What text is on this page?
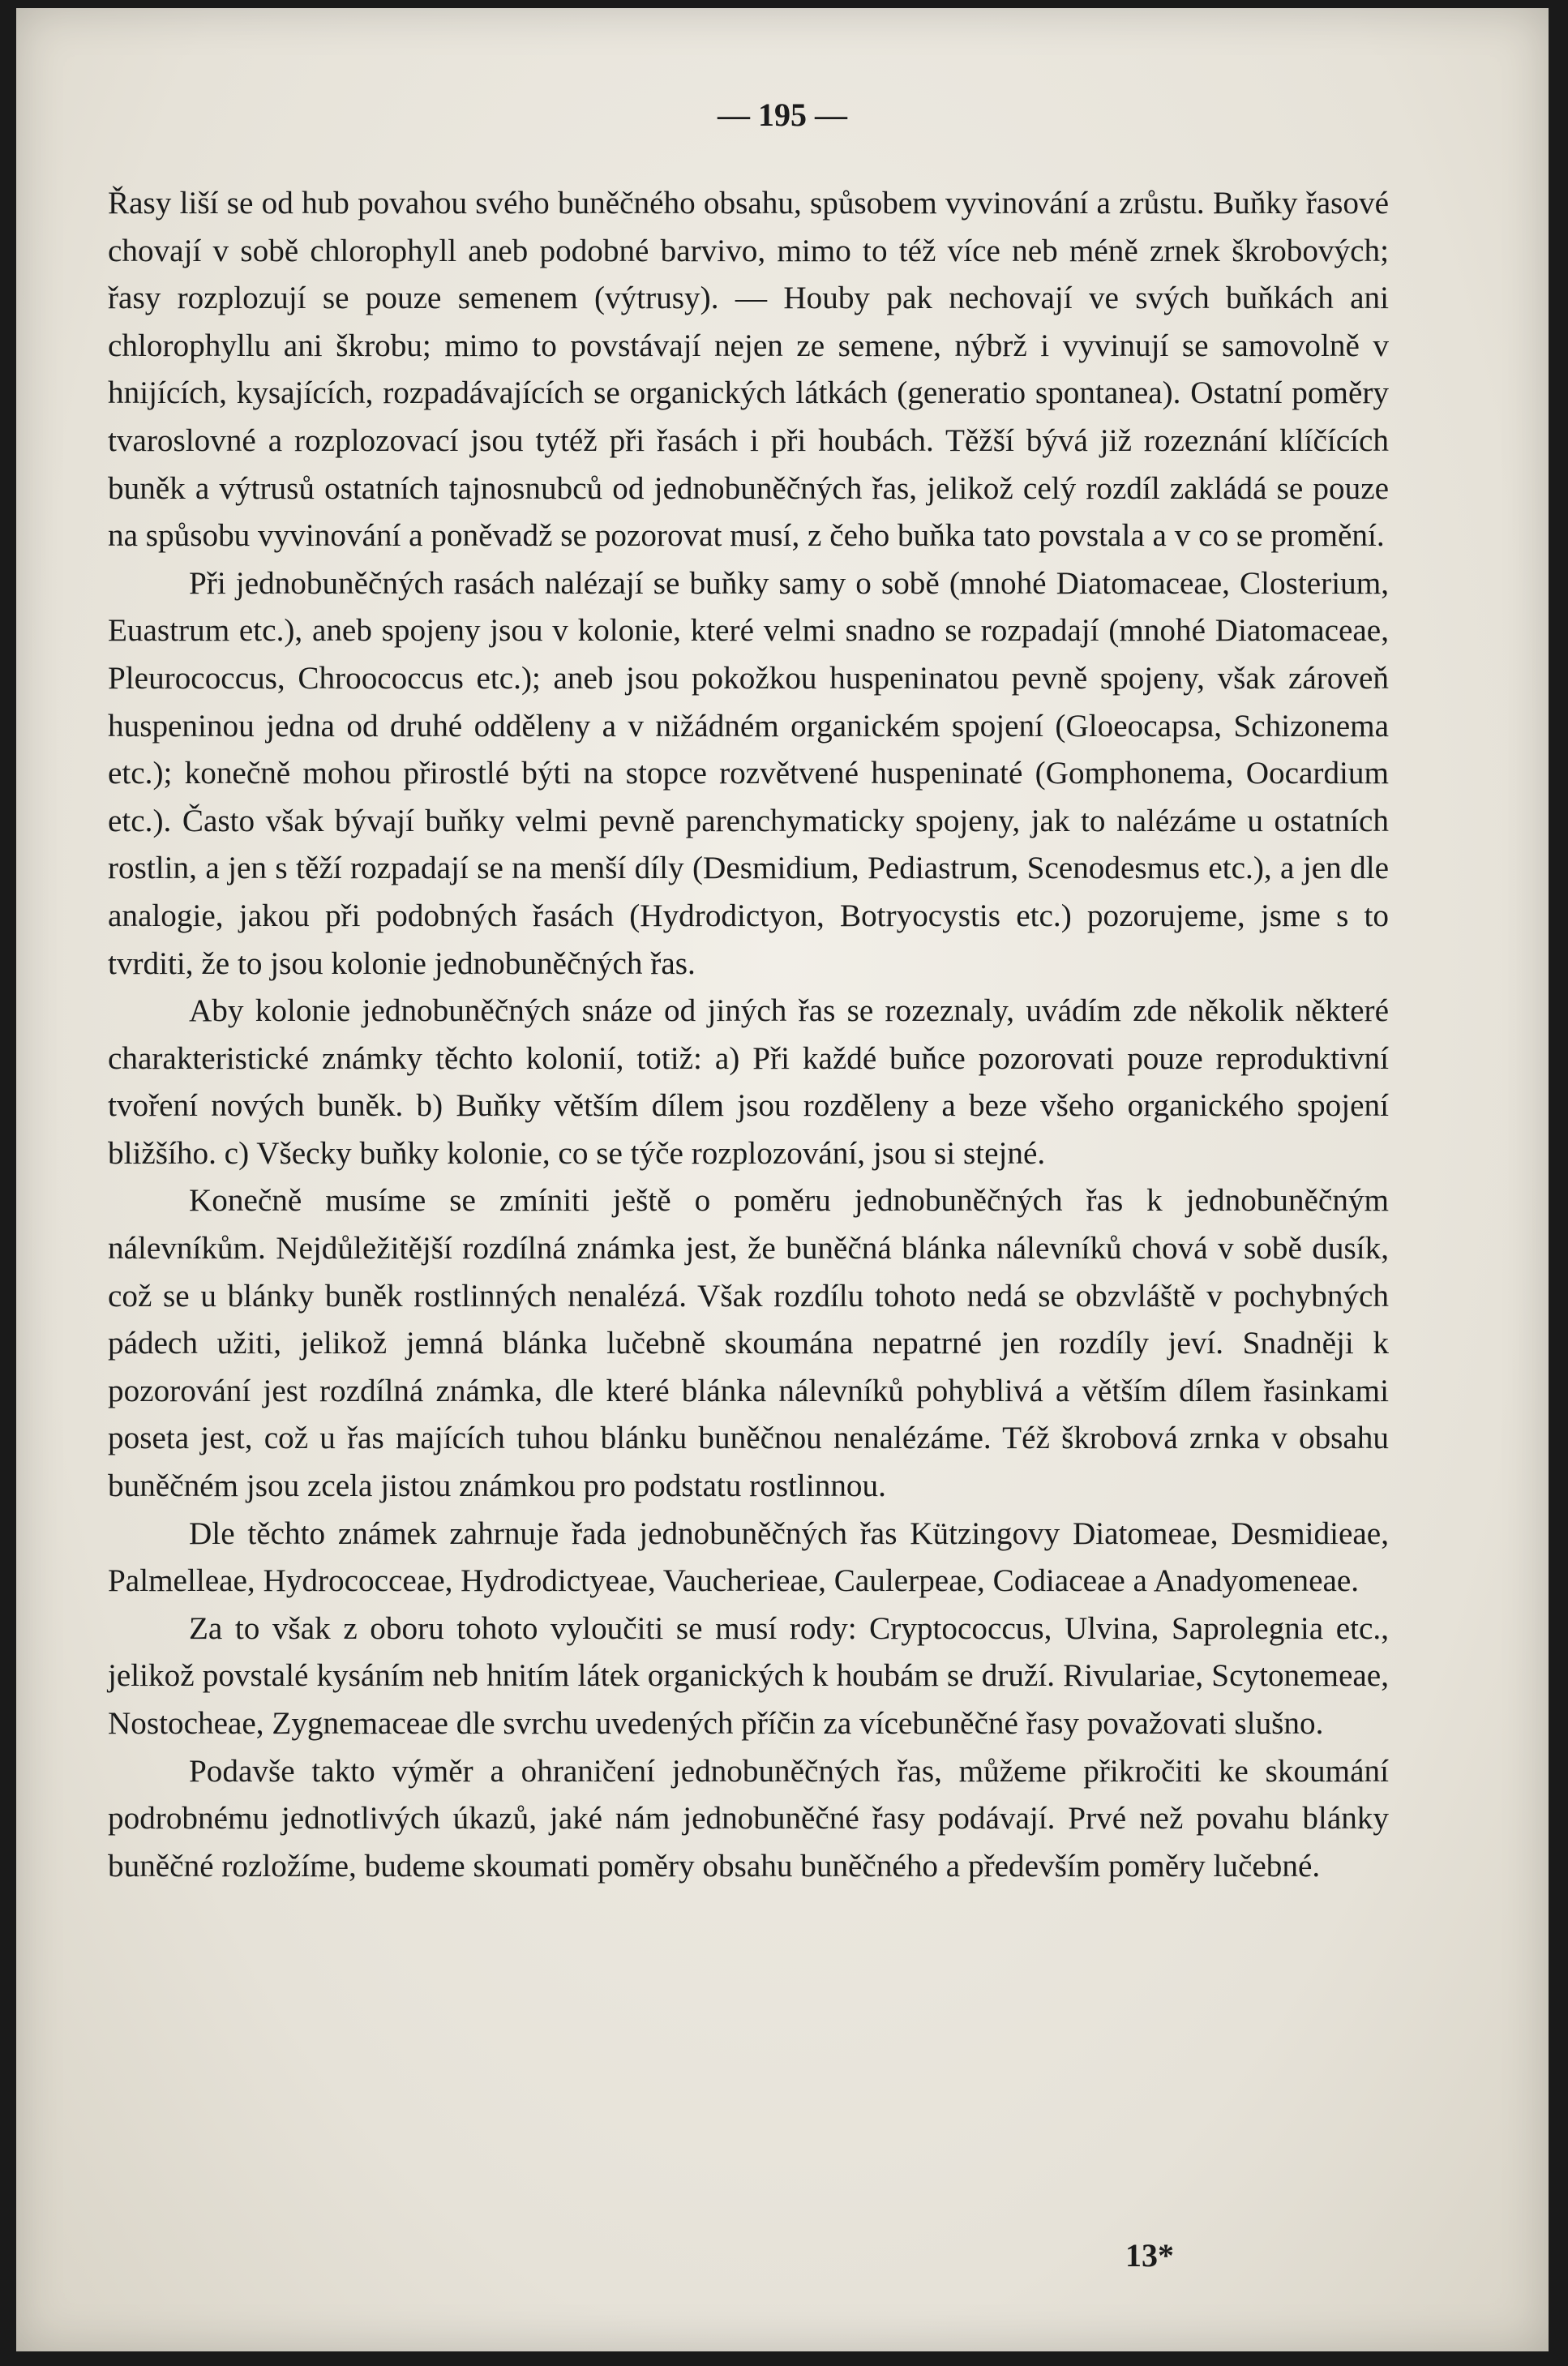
— 195 —

Řasy liší se od hub povahou svého buněčného obsahu, spůsobem vyvinování a zrůstu. Buňky řasové chovají v sobě chlorophyll aneb podobné barvivo, mimo to též více neb méně zrnek škrobových; řasy rozplozují se pouze semenem (výtrusy). — Houby pak nechovají ve svých buňkách ani chlorophyllu ani škrobu; mimo to povstávají nejen ze semene, nýbrž i vyvinují se samovolně v hnijících, kysajících, rozpadávajících se organických látkách (generatio spontanea). Ostatní poměry tvaroslovné a rozplozovací jsou tytéž při řasách i při houbách. Těžší bývá již rozeznání klíčících buněk a výtrusů ostatních tajnosnubců od jednobuněčných řas, jelikož celý rozdíl zakládá se pouze na spůsobu vyvinování a poněvadž se pozorovat musí, z čeho buňka tato povstala a v co se promění.

Při jednobuněčných rasách nalézají se buňky samy o sobě (mnohé Diatomaceae, Closterium, Euastrum etc.), aneb spojeny jsou v kolonie, které velmi snadno se rozpadají (mnohé Diatomaceae, Pleurococcus, Chroococcus etc.); aneb jsou pokožkou huspeninatou pevně spojeny, však zároveň huspeninou jedna od druhé odděleny a v nižádném organickém spojení (Gloeocapsa, Schizonema etc.); konečně mohou přirostlé býti na stopce rozvětvené huspeninaté (Gomphonema, Oocardium etc.). Často však bývají buňky velmi pevně parenchymaticky spojeny, jak to nalézáme u ostatních rostlin, a jen s těží rozpadají se na menší díly (Desmidium, Pediastrum, Scenodesmus etc.), a jen dle analogie, jakou při podobných řasách (Hydrodictyon, Botryocystis etc.) pozorujeme, jsme s to tvrditi, že to jsou kolonie jednobuněčných řas.

Aby kolonie jednobuněčných snáze od jiných řas se rozeznaly, uvádím zde několik některé charakteristické známky těchto kolonií, totiž: a) Při každé buňce pozorovati pouze reproduktivní tvoření nových buněk. b) Buňky větším dílem jsou rozděleny a beze všeho organického spojení bližšího. c) Všecky buňky kolonie, co se týče rozplozování, jsou si stejné.

Konečně musíme se zmíniti ještě o poměru jednobuněčných řas k jednobuněčným nálevníkům. Nejdůležitější rozdílná známka jest, že buněčná blánka nálevníků chová v sobě dusík, což se u blánky buněk rostlinných nenalézá. Však rozdílu tohoto nedá se obzvláště v pochybných pádech užiti, jelikož jemná blánka lučebně skoumána nepatrné jen rozdíly jeví. Snadněji k pozorování jest rozdílná známka, dle které blánka nálevníků pohyblivá a větším dílem řasinkami posetа jest, což u řas majících tuhou blánku buněčnou nenalézáme. Též škrobová zrnka v obsahu buněčném jsou zcela jistou známkou pro podstatu rostlinnou.

Dle těchto známek zahrnuje řada jednobuněčných řas Kützingovy Diatomeae, Desmidieae, Palmelleae, Hydrococceae, Hydrodictyeae, Vaucherieae, Caulerpeae, Codiaceae a Anadyomeneae.

Za to však z oboru tohoto vyloučiti se musí rody: Cryptococcus, Ulvina, Saprolegnia etc., jelikož povstalé kysáním neb hnitím látek organických k houbám se druží. Rivulariae, Scytonemeae, Nostocheae, Zygnemaceae dle svrchu uvedených příčin za vícebuněčné řasy považovati slušno.

Podavše takto výměr a ohraničení jednobuněčných řas, můžeme přikročiti ke skoumání podrobnému jednotlivých úkazů, jaké nám jednobuněčné řasy podávají. Prvé než povahu blánky buněčné rozložíme, budeme skoumati poměry obsahu buněčného a především poměry lučebné.

13*
